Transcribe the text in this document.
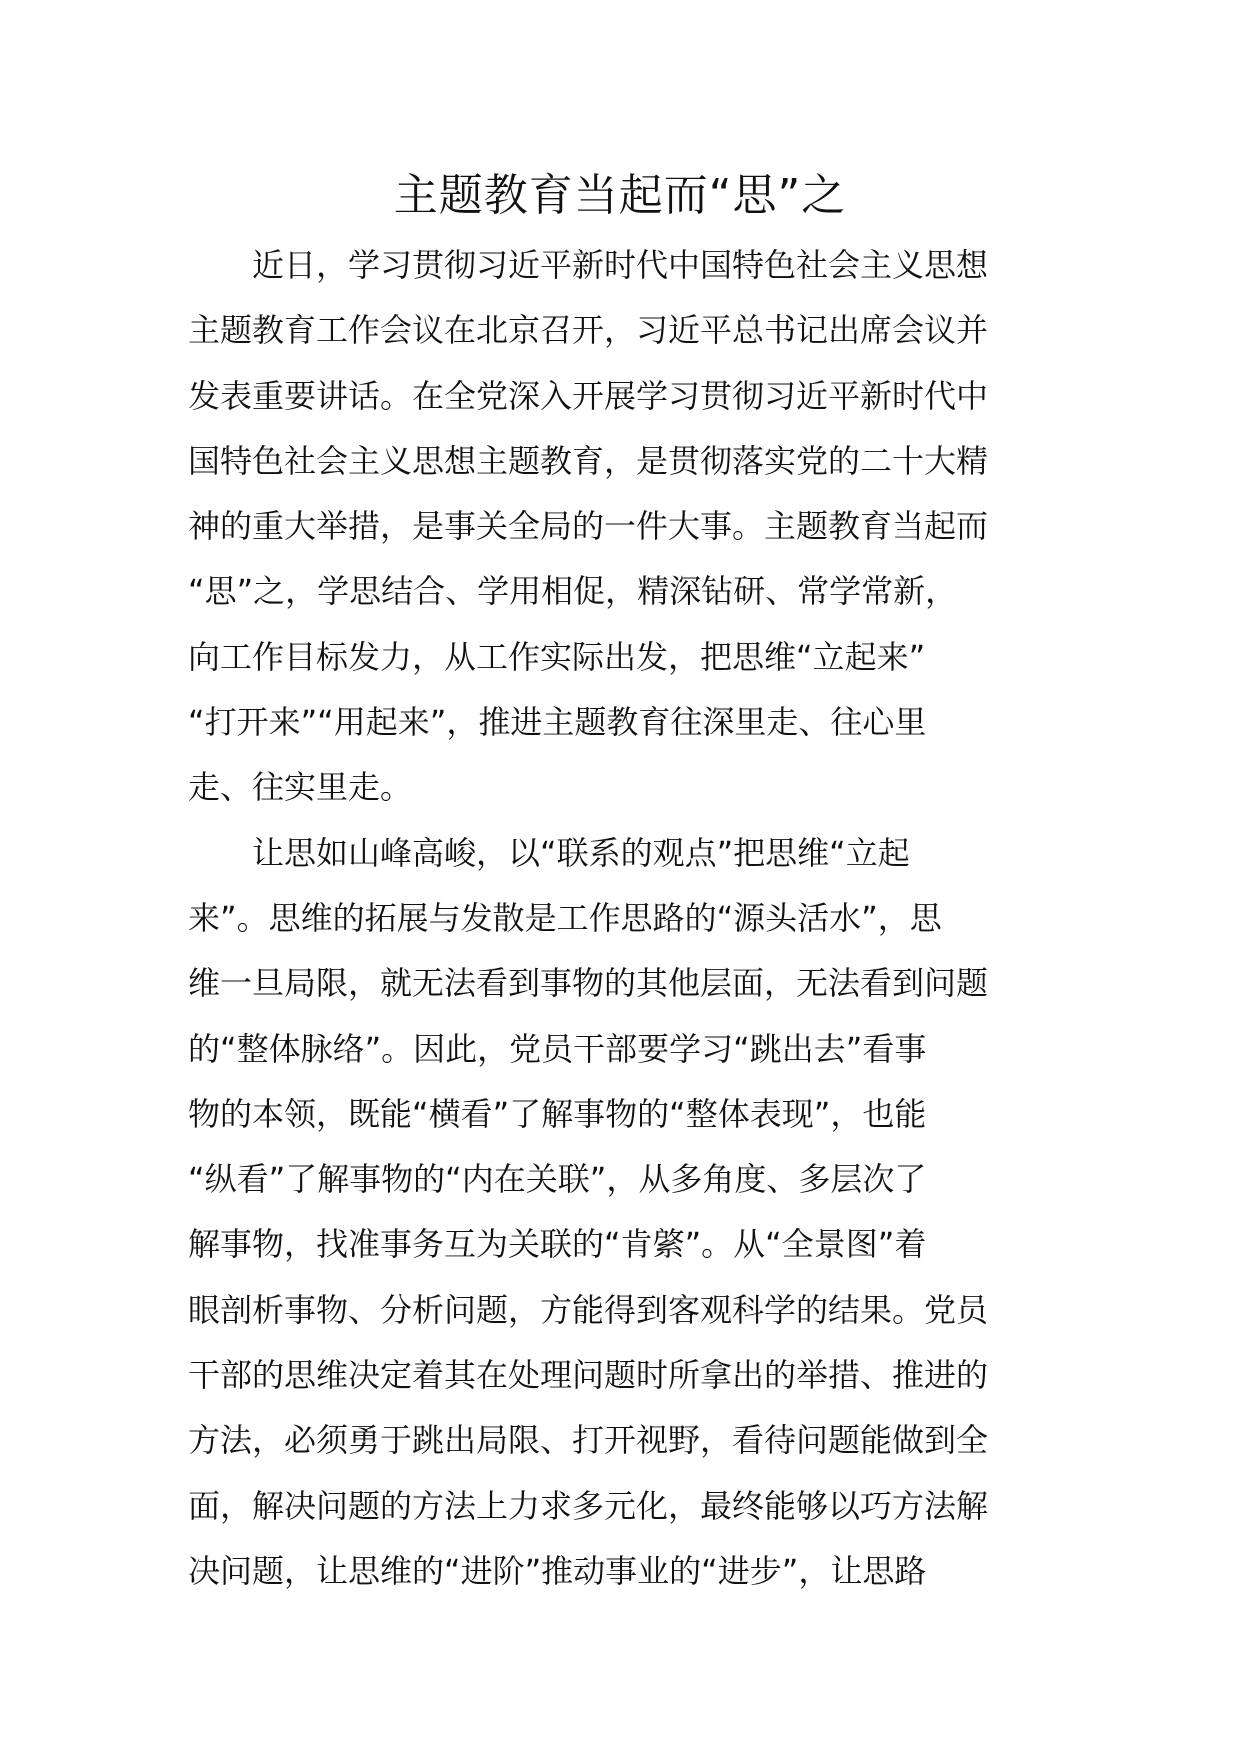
主题教育当起而“思”之

近日，学习贯彻习近平新时代中国特色社会主义思想
主题教育工作会议在北京召开，习近平总书记出席会议并
发表重要讲话。在全党深入开展学习贯彻习近平新时代中
国特色社会主义思想主题教育，是贯彻落实党的二十大精
神的重大举措，是事关全局的一件大事。主题教育当起而
“思”之，学思结合、学用相促，精深钻研、常学常新，
向工作目标发力，从工作实际出发，把思维“立起来”
“打开来”“用起来”，推进主题教育往深里走、往心里
走、往实里走。

让思如山峰高峻，以“联系的观点”把思维“立起
来”。思维的拓展与发散是工作思路的“源头活水”，思
维一旦局限，就无法看到事物的其他层面，无法看到问题
的“整体脉络”。因此，党员干部要学习“跳出去”看事
物的本领，既能“横看”了解事物的“整体表现”，也能
“纵看”了解事物的“内在关联”，从多角度、多层次了
解事物，找准事务互为关联的“肯綮”。从“全景图”着
眼剖析事物、分析问题，方能得到客观科学的结果。党员
干部的思维决定着其在处理问题时所拿出的举措、推进的
方法，必须勇于跳出局限、打开视野，看待问题能做到全
面，解决问题的方法上力求多元化，最终能够以巧方法解
决问题，让思维的“进阶”推动事业的“进步”，让思路
